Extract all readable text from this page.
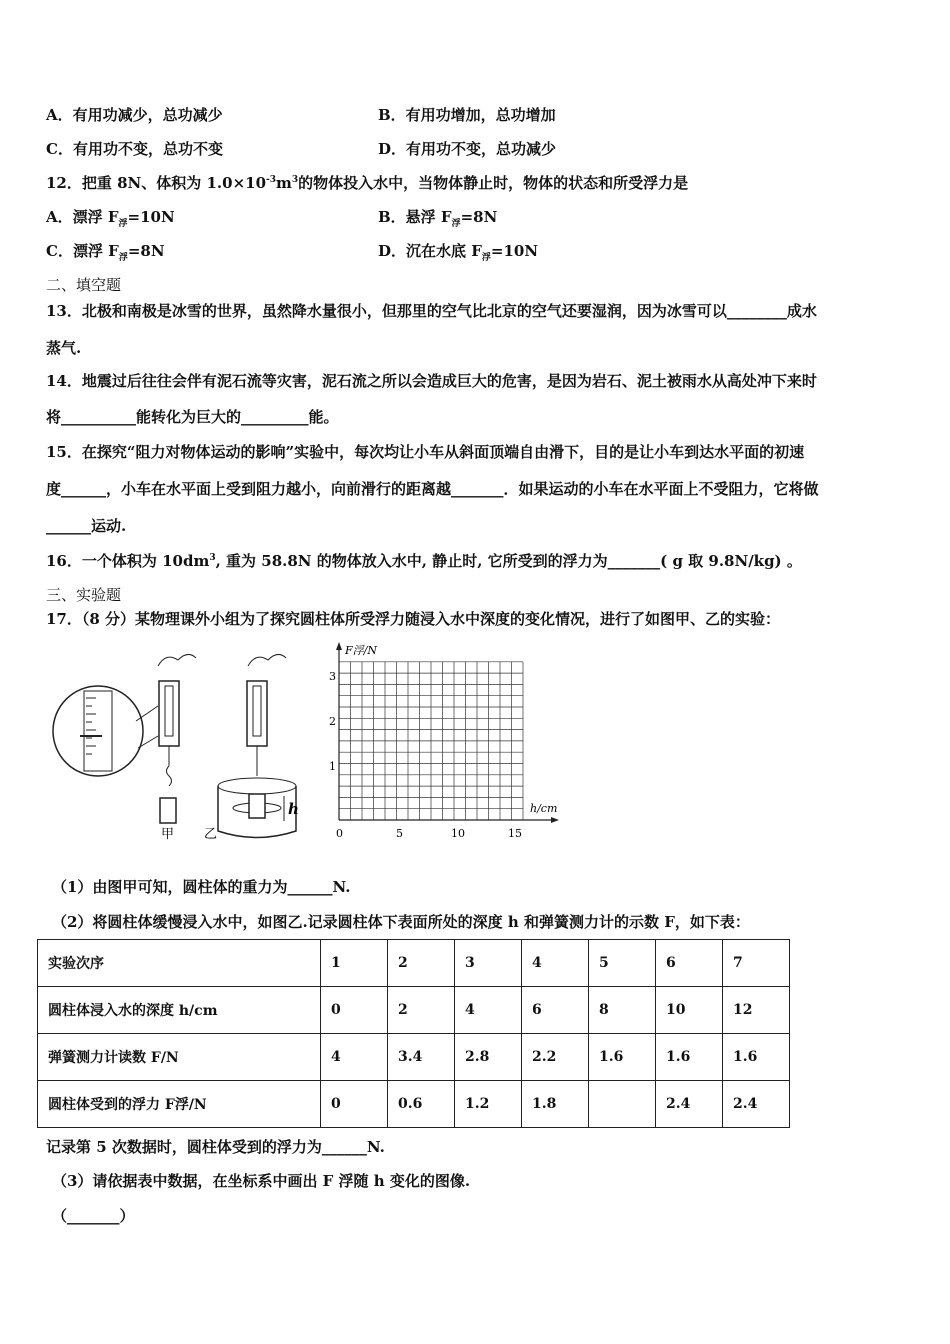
A．有用功减少，总功减少	B．有用功增加，总功增加
C．有用功不变，总功不变	D．有用功不变，总功减少
12．把重 8N、体积为 $1.0\times 10^{-3}m^3$的物体投入水中，当物体静止时，物体的状态和所受浮力是
A．漂浮 $F_浮=10N$	B．悬浮 $F_浮=8N$
C．漂浮 $F_浮=8N$	D．沉在水底 $F_浮=10N$
二、填空题
13．北极和南极是冰雪的世界，虽然降水量很小，但那里的空气比北京的空气还要湿润，因为冰雪可以________成水
蒸气.
14．地震过后往往会伴有泥石流等灾害，泥石流之所以会造成巨大的危害，是因为岩石、泥土被雨水从高处冲下来时
将__________能转化为巨大的_________能。
15．在探究“阻力对物体运动的影响”实验中，每次均让小车从斜面顶端自由滑下，目的是让小车到达水平面的初速
度______，小车在水平面上受到阻力越小，向前滑行的距离越_______．如果运动的小车在水平面上不受阻力，它将做
______运动.
16．一个体积为 $10dm^3$, 重为 58.8N 的物体放入水中, 静止时, 它所受到的浮力为_______( g 取 9.8N/kg) 。
三、实验题
17．（8 分）某物理课外小组为了探究圆柱体所受浮力随浸入水中深度的变化情况，进行了如图甲、乙的实验：
甲
h
乙
F浮/N
h/cm
3
2
1
0	5	10	15
（1）由图甲可知，圆柱体的重力为______N.
（2）将圆柱体缓慢浸入水中，如图乙.记录圆柱体下表面所处的深度 h 和弹簧测力计的示数 F，如下表：
实验次序	1	2	3	4	5	6	7
圆柱体浸入水的深度 h/cm	0	2	4	6	8	10	12
弹簧测力计读数 F/N	4	3.4	2.8	2.2	1.6	1.6	1.6
圆柱体受到的浮力 F浮/N	0	0.6	1.2	1.8		2.4	2.4
记录第 5 次数据时，圆柱体受到的浮力为______N.
（3）请依据表中数据，在坐标系中画出 F 浮随 h 变化的图像.
（_______）
